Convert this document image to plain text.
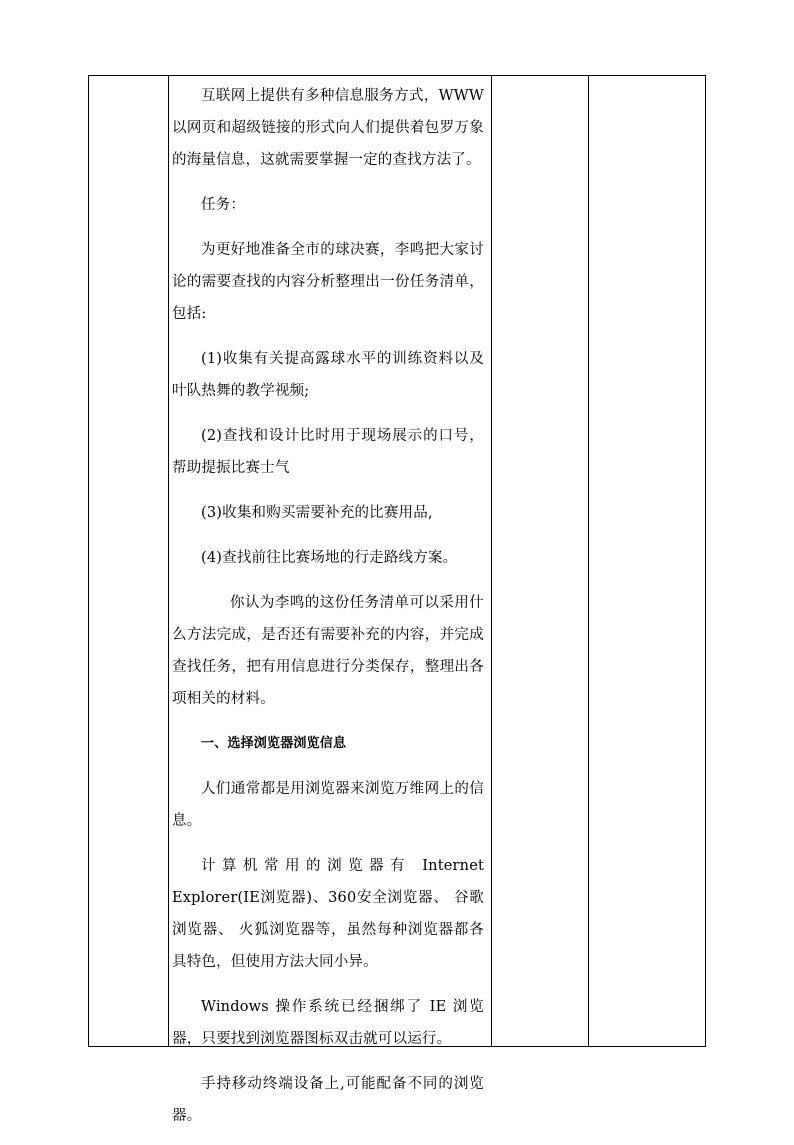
互联网上提供有多种信息服务方式，WWW以网页和超级链接的形式向人们提供着包罗万象的海量信息，这就需要掌握一定的查找方法了。

任务：

为更好地准备全市的球决赛，李鸣把大家讨论的需要查找的内容分析整理出一份任务清单，包括:

(1)收集有关提高露球水平的训练资料以及叶队热舞的教学视频;

(2)查找和设计比时用于现场展示的口号，帮助提振比赛士气

(3)收集和购买需要补充的比赛用品,

(4)查找前往比赛场地的行走路线方案。

你认为李鸣的这份任务清单可以采用什么方法完成，是否还有需要补充的内容，并完成查找任务，把有用信息进行分类保存，整理出各项相关的材料。

一、选择浏览器浏览信息

人们通常都是用浏览器来浏览万维网上的信息。

计算机常用的浏览器有 Internet Explorer(IE浏览器)、360安全浏览器、 谷歌浏览器、 火狐浏览器等，虽然每种浏览器都各具特色，但使用方法大同小异。

Windows 操作系统已经捆绑了 IE 浏览器，只要找到浏览器图标双击就可以运行。

手持移动终端设备上,可能配备不同的浏览器。
